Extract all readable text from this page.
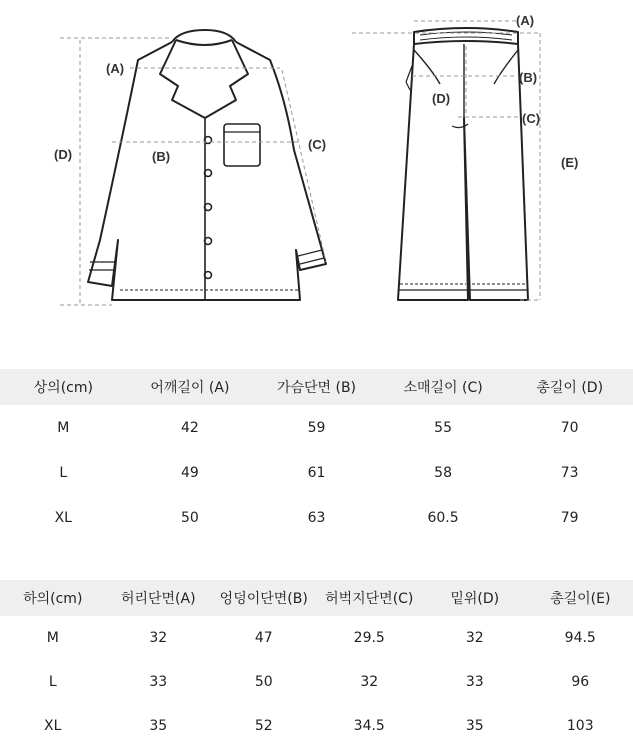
(A)
(B)
(C)
(D)
(A)
(B)
(C)
(D)
(E)
상의(cm)	어깨길이 (A)	가슴단면 (B)	소매길이 (C)	총길이 (D)
M	42	59	55	70
L	49	61	58	73
XL	50	63	60.5	79
하의(cm)	허리단면(A)	엉덩이단면(B)	허벅지단면(C)	밑위(D)	총길이(E)
M	32	47	29.5	32	94.5
L	33	50	32	33	96
XL	35	52	34.5	35	103
